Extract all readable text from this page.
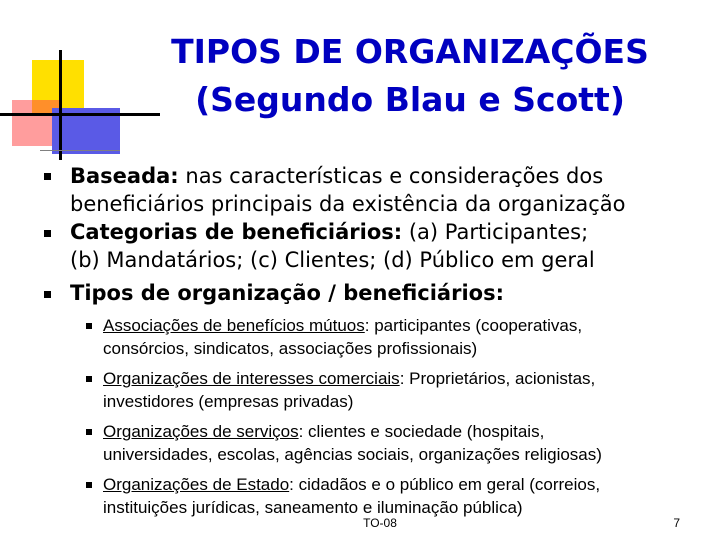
TIPOS DE ORGANIZAÇÕES
(Segundo Blau e Scott)
Baseada: nas características e considerações dos
beneficiários principais da existência da organização
Categorias de beneficiários: (a) Participantes;
(b) Mandatários; (c) Clientes; (d) Público em geral
Tipos de organização / beneficiários:
Associações de benefícios mútuos: participantes (cooperativas,
consórcios, sindicatos, associações profissionais)
Organizações de interesses comerciais: Proprietários, acionistas,
investidores (empresas privadas)
Organizações de serviços: clientes e sociedade (hospitais,
universidades, escolas, agências sociais, organizações religiosas)
Organizações de Estado: cidadãos e o público em geral (correios,
instituições jurídicas, saneamento e iluminação pública)
TO-08	7
